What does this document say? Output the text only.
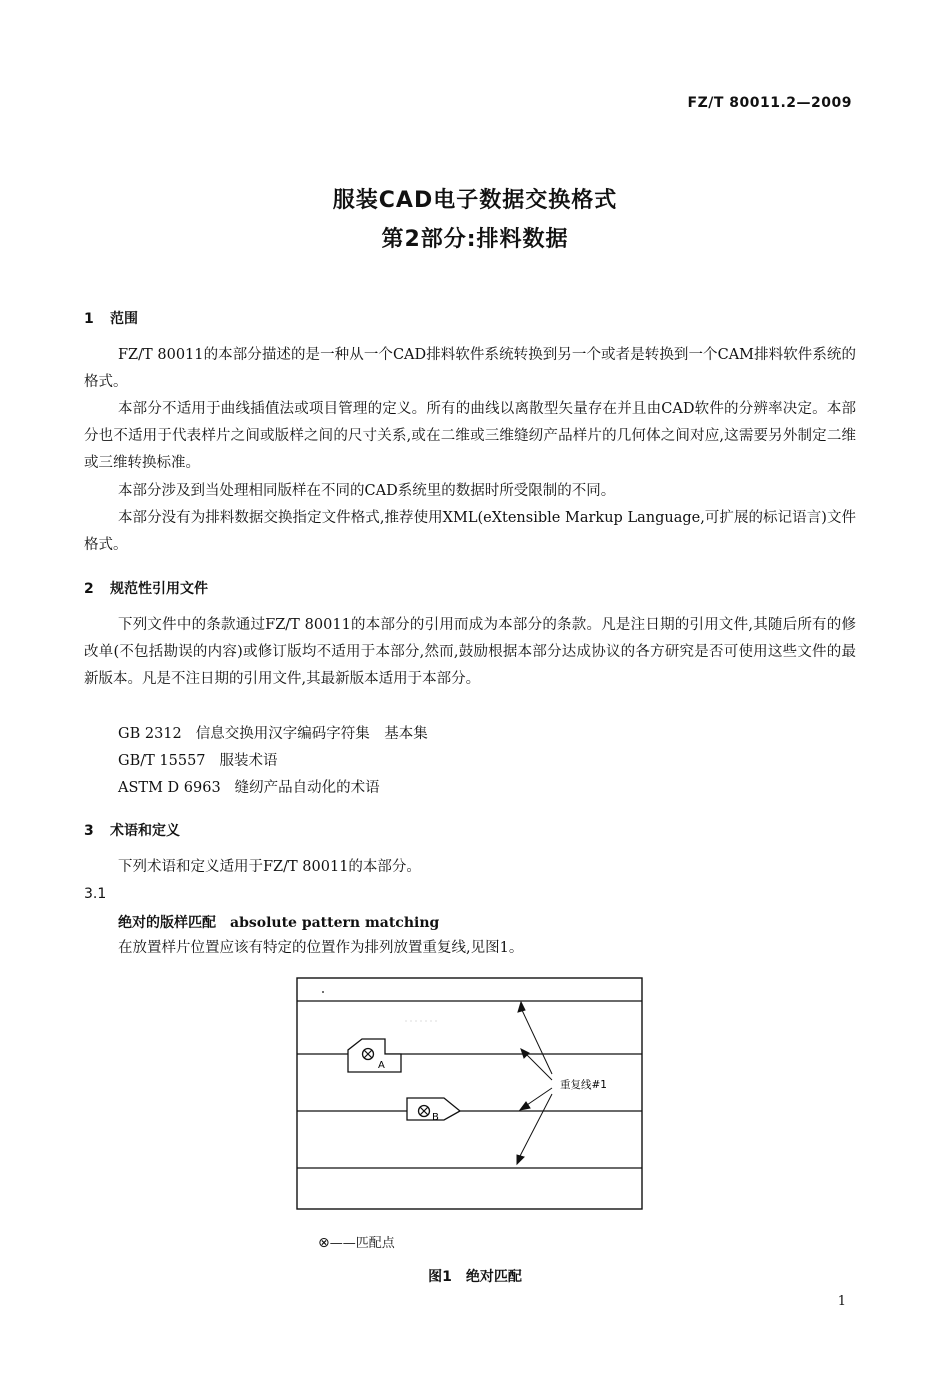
FZ/T 80011.2—2009
服装CAD电子数据交换格式
第2部分:排料数据
1 范围
FZ/T 80011的本部分描述的是一种从一个CAD排料软件系统转换到另一个或者是转换到一个CAM排料软件系统的格式。
本部分不适用于曲线插值法或项目管理的定义。所有的曲线以离散型矢量存在并且由CAD软件的分辨率决定。本部分也不适用于代表样片之间或版样之间的尺寸关系,或在二维或三维缝纫产品样片的几何体之间对应,这需要另外制定二维或三维转换标准。
本部分涉及到当处理相同版样在不同的CAD系统里的数据时所受限制的不同。
本部分没有为排料数据交换指定文件格式,推荐使用XML(eXtensible Markup Language,可扩展的标记语言)文件格式。
2 规范性引用文件
下列文件中的条款通过FZ/T 80011的本部分的引用而成为本部分的条款。凡是注日期的引用文件,其随后所有的修改单(不包括勘误的内容)或修订版均不适用于本部分,然而,鼓励根据本部分达成协议的各方研究是否可使用这些文件的最新版本。凡是不注日期的引用文件,其最新版本适用于本部分。
GB 2312 信息交换用汉字编码字符集　基本集
GB/T 15557 服装术语
ASTM D 6963 缝纫产品自动化的术语
3 术语和定义
下列术语和定义适用于FZ/T 80011的本部分。
3.1
绝对的版样匹配 absolute pattern matching
在放置样片位置应该有特定的位置作为排列放置重复线,见图1。
A
B
重复线#1
⊗——匹配点
图1　绝对匹配
1
